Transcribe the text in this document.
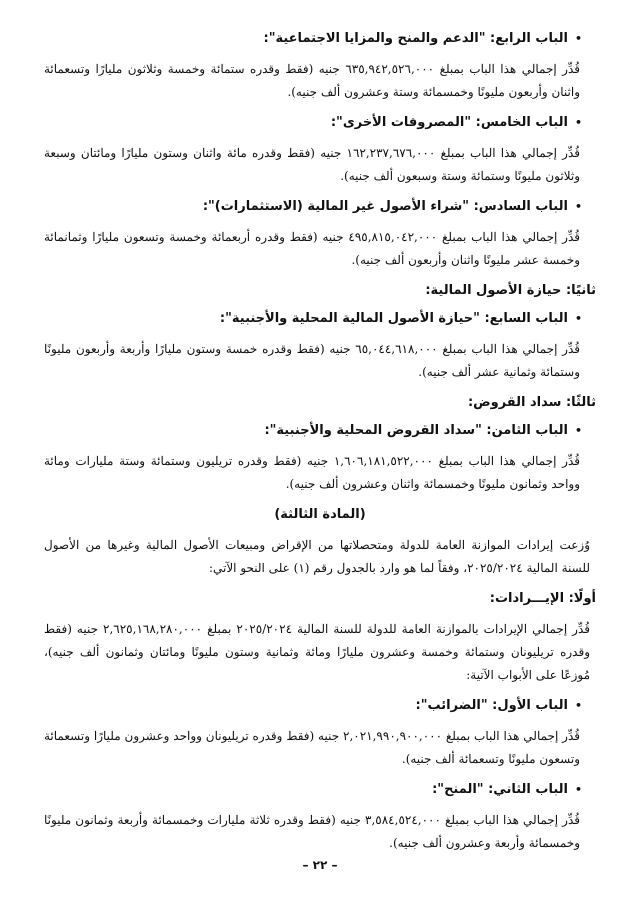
•الباب الرابع: "الدعم والمنح والمزايا الاجتماعية":

قُدِّر إجمالي هذا الباب بمبلغ ٦٣٥,٩٤٢,٥٢٦,٠٠٠ جنيه (فقط وقدره ستمائة وخمسة وثلاثون مليارًا وتسعمائة واثنان وأربعون مليونًا وخمسمائة وستة وعشرون ألف جنيه).

•الباب الخامس: "المصروفات الأخرى":

قُدِّر إجمالي هذا الباب بمبلغ ١٦٢,٢٣٧,٦٧٦,٠٠٠ جنيه (فقط وقدره مائة واثنان وستون مليارًا ومائتان وسبعة وثلاثون مليونًا وستمائة وستة وسبعون ألف جنيه).

•الباب السادس: "شراء الأصول غير المالية (الاستثمارات)":

قُدِّر إجمالي هذا الباب بمبلغ ٤٩٥,٨١٥,٠٤٢,٠٠٠ جنيه (فقط وقدره أربعمائة وخمسة وتسعون مليارًا وثمانمائة وخمسة عشر مليونًا واثنان وأربعون ألف جنيه).

ثانيًا: حيازة الأصول المالية:

•الباب السابع: "حيازة الأصول المالية المحلية والأجنبية":

قُدِّر إجمالي هذا الباب بمبلغ ٦٥,٠٤٤,٦١٨,٠٠٠ جنيه (فقط وقدره خمسة وستون مليارًا وأربعة وأربعون مليونًا وستمائة وثمانية عشر ألف جنيه).

ثالثًا: سداد القروض:

•الباب الثامن: "سداد القروض المحلية والأجنبية":

قُدِّر إجمالي هذا الباب بمبلغ ١,٦٠٦,١٨١,٥٢٢,٠٠٠ جنيه (فقط وقدره تريليون وستمائة وستة مليارات ومائة وواحد وثمانون مليونًا وخمسمائة واثنان وعشرون ألف جنيه).

(المادة الثالثة)

وُزعت إيرادات الموازنة العامة للدولة ومتحصلاتها من الإقراض ومبيعات الأصول المالية وغيرها من الأصول للسنة المالية ٢٠٢٥/٢٠٢٤، وفقاً لما هو وارد بالجدول رقم (١) على النحو الآتي:

أولًا: الإيـــرادات:

قُدِّر إجمالي الإيرادات بالموازنة العامة للدولة للسنة المالية ٢٠٢٥/٢٠٢٤ بمبلغ ٢,٦٢٥,١٦٨,٢٨٠,٠٠٠ جنيه (فقط وقدره تريليونان وستمائة وخمسة وعشرون مليارًا ومائة وثمانية وستون مليونًا ومائتان وثمانون ألف جنيه)، مُوزعًا على الأبواب الآتية:

•الباب الأول: "الضرائب":

قُدِّر إجمالي هذا الباب بمبلغ ٢,٠٢١,٩٩٠,٩٠٠,٠٠٠ جنيه (فقط وقدره تريليونان وواحد وعشرون مليارًا وتسعمائة وتسعون مليونًا وتسعمائة ألف جنيه).

•الباب الثاني: "المنح":

قُدِّر إجمالي هذا الباب بمبلغ ٣,٥٨٤,٥٢٤,٠٠٠ جنيه (فقط وقدره ثلاثة مليارات وخمسمائة وأربعة وثمانون مليونًا وخمسمائة وأربعة وعشرون ألف جنيه).

– ٢٢ –
